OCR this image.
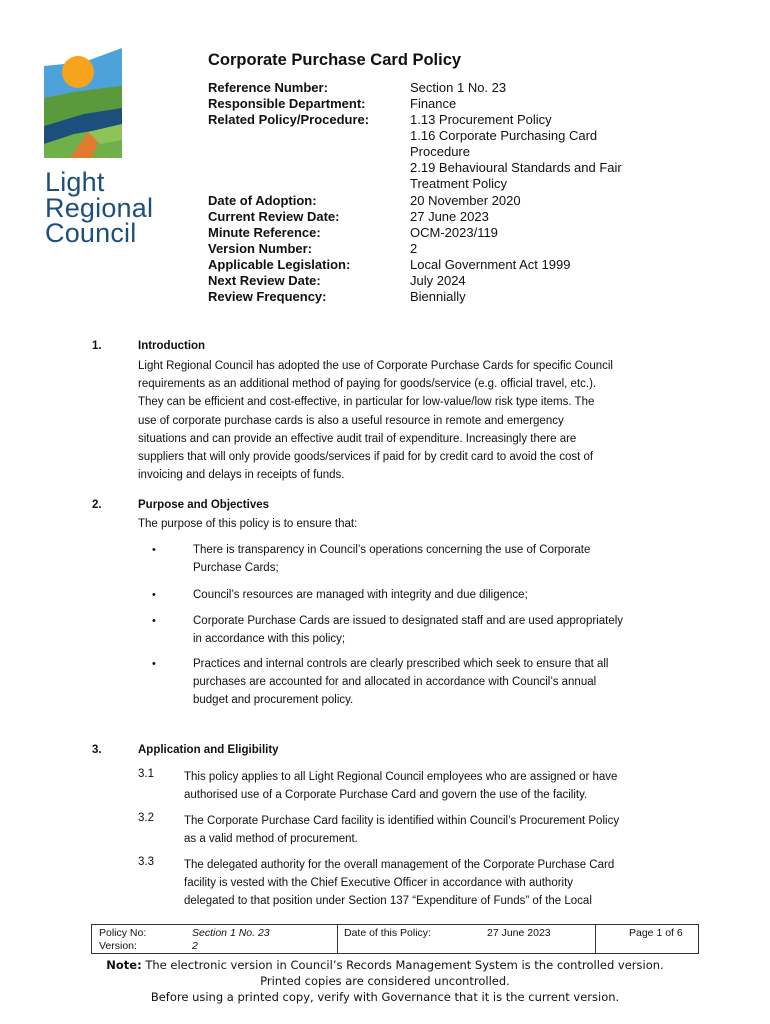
Light
Regional
Council
Corporate Purchase Card Policy
Reference Number:	Section 1 No. 23
Responsible Department:	Finance
Related Policy/Procedure:	1.13 Procurement Policy
1.16 Corporate Purchasing Card
Procedure
2.19 Behavioural Standards and Fair
Treatment Policy
Date of Adoption:	20 November 2020
Current Review Date:	27 June 2023
Minute Reference:	OCM-2023/119
Version Number:	2
Applicable Legislation:	Local Government Act 1999
Next Review Date:	July 2024
Review Frequency:	Biennially
1.	Introduction
Light Regional Council has adopted the use of Corporate Purchase Cards for specific Council
requirements as an additional method of paying for goods/service (e.g. official travel, etc.).
They can be efficient and cost-effective, in particular for low-value/low risk type items. The
use of corporate purchase cards is also a useful resource in remote and emergency
situations and can provide an effective audit trail of expenditure. Increasingly there are
suppliers that will only provide goods/services if paid for by credit card to avoid the cost of
invoicing and delays in receipts of funds.
2.	Purpose and Objectives
The purpose of this policy is to ensure that:
•	There is transparency in Council’s operations concerning the use of Corporate
Purchase Cards;
•	Council’s resources are managed with integrity and due diligence;
•	Corporate Purchase Cards are issued to designated staff and are used appropriately
in accordance with this policy;
•	Practices and internal controls are clearly prescribed which seek to ensure that all
purchases are accounted for and allocated in accordance with Council’s annual
budget and procurement policy.
3.	Application and Eligibility
3.1	This policy applies to all Light Regional Council employees who are assigned or have
authorised use of a Corporate Purchase Card and govern the use of the facility.
3.2	The Corporate Purchase Card facility is identified within Council’s Procurement Policy
as a valid method of procurement.
3.3	The delegated authority for the overall management of the Corporate Purchase Card
facility is vested with the Chief Executive Officer in accordance with authority
delegated to that position under Section 137 “Expenditure of Funds” of the Local
Policy No:	Section 1 No. 23
Version:	2
Date of this Policy:	27 June 2023	Page 1 of 6
Note: The electronic version in Council’s Records Management System is the controlled version.
Printed copies are considered uncontrolled.
Before using a printed copy, verify with Governance that it is the current version.
